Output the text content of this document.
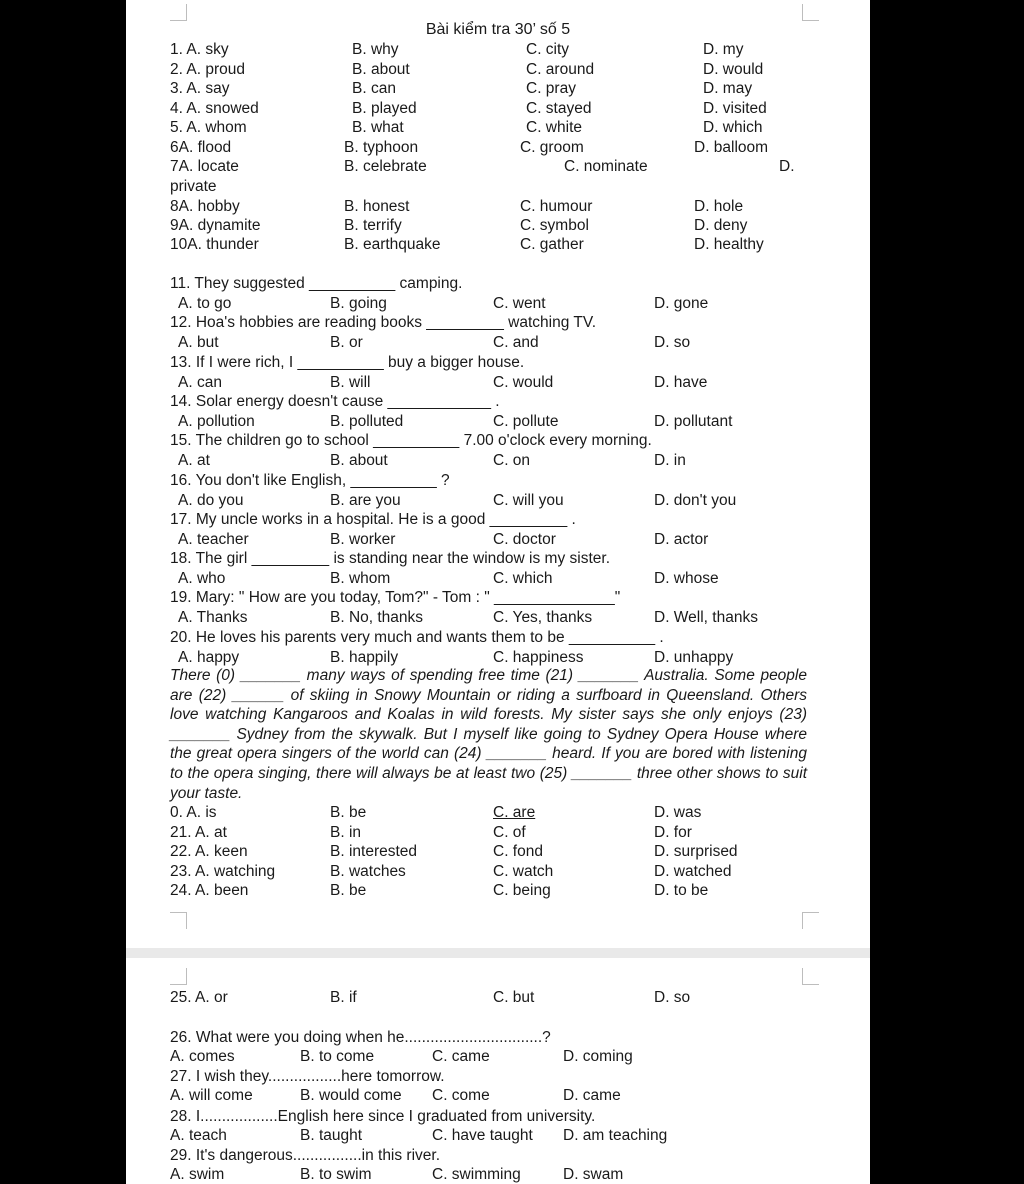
Bài kiểm tra 30’ số 5
1. A. sky	B. why	C. city	D. my
2. A. proud	B. about	C. around	D. would
3. A. say	B. can	C. pray	D. may
4. A. snowed	B. played	C. stayed	D. visited
5. A. whom	B. what	C. white	D. which
6A. flood	B. typhoon	C. groom	D. balloom
7A. locate	B. celebrate	C. nominate	D.
private
8A. hobby	B. honest	C. humour	D. hole
9A. dynamite	B. terrify	C. symbol	D. deny
10A. thunder	B. earthquake	C. gather	D. healthy
11. They suggested __________ camping.
A. to go	B. going	C. went	D. gone
12. Hoa's hobbies are reading books _________ watching TV.
A. but	B. or	C. and	D. so
13. If I were rich, I __________ buy a bigger house.
A. can	B. will	C. would	D. have
14. Solar energy doesn't cause ____________ .
A. pollution	B. polluted	C. pollute	D. pollutant
15. The children go to school __________ 7.00 o'clock every morning.
A. at	B. about	C. on	D. in
16. You don't like English, __________ ?
A. do you	B. are you	C. will you	D. don't you
17. My uncle works in a hospital. He is a good _________ .
A. teacher	B. worker	C. doctor	D. actor
18. The girl _________ is standing near the window is my sister.
A. who	B. whom	C. which	D. whose
19. Mary: " How are you today, Tom?" - Tom : " ______________"
A. Thanks	B. No, thanks	C. Yes, thanks	D. Well, thanks
20. He loves his parents very much and wants them to be __________ .
A. happy	B. happily	C. happiness	D. unhappy
There (0) _______ many ways of spending free time (21) _______ Australia. Some people are (22) ______ of skiing in Snowy Mountain or riding a surfboard in Queensland. Others love watching Kangaroos and Koalas in wild forests. My sister says she only enjoys (23) _______ Sydney from the skywalk. But I myself like going to Sydney Opera House where the great opera singers of the world can (24) _______ heard. If you are bored with listening to the opera singing, there will always be at least two (25) _______ three other shows to suit your taste.
0. A. is	B. be	C. are	D. was
21. A. at	B. in	C. of	D. for
22. A. keen	B. interested	C. fond	D. surprised
23. A. watching	B. watches	C. watch	D. watched
24. A. been	B. be	C. being	D. to be
25. A. or	B. if	C. but	D. so
26. What were you doing when he................................?
A. comes	B. to come	C. came	D. coming
27. I wish they.................here tomorrow.
A. will come	B. would come C. come	D. came
28. I..................English here since I graduated from university.
A. teach	B. taught	C. have taught D. am teaching
29. It's dangerous................in this river.
A. swim	B. to swim	C. swimming	D. swam
